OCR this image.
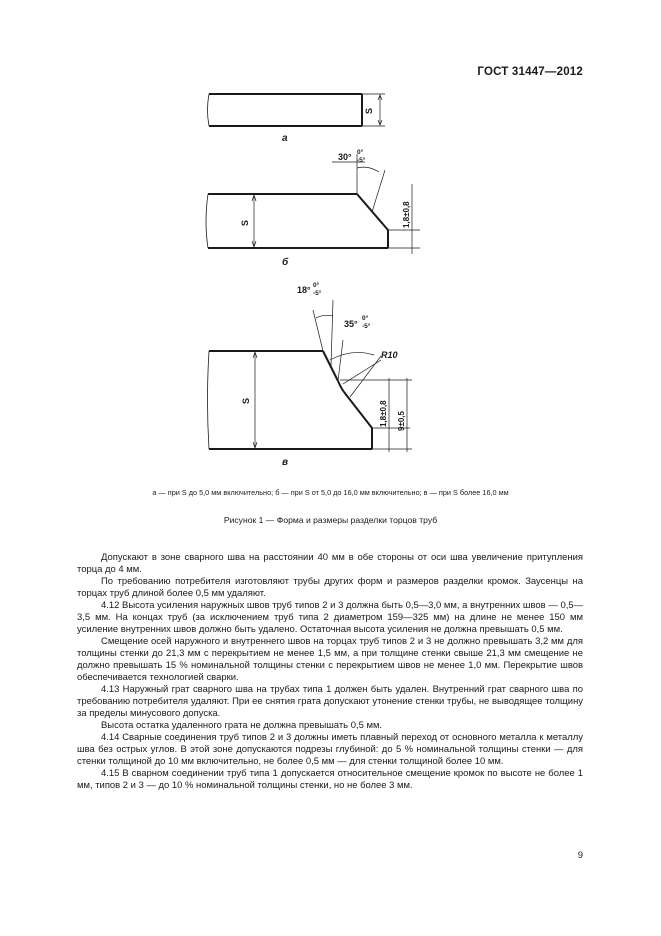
ГОСТ 31447—2012
S
а
S
30° 0°
-5°
1,8±0,8
б
S
18° 0°
-5°
35°
0°
-5°
R10
1,8±0,8 9±0,5
в
а — при S до 5,0 мм включительно; б — при S от 5,0 до 16,0 мм включительно; в — при S более 16,0 мм
Рисунок 1 — Форма и размеры разделки торцов труб

Допускают в зоне сварного шва на расстоянии 40 мм в обе стороны от оси шва увеличение притупления торца до 4 мм.

По требованию потребителя изготовляют трубы других форм и размеров разделки кромок. Заусенцы на торцах труб длиной более 0,5 мм удаляют.

4.12 Высота усиления наружных швов труб типов 2 и 3 должна быть 0,5—3,0 мм, а внутренних швов — 0,5—3,5 мм. На концах труб (за исключением труб типа 2 диаметром 159—325 мм) на длине не менее 150 мм усиление внутренних швов должно быть удалено. Остаточная высота усиления не должна превышать 0,5 мм.

Смещение осей наружного и внутреннего швов на торцах труб типов 2 и 3 не должно превышать 3,2 мм для толщины стенки до 21,3 мм с перекрытием не менее 1,5 мм, а при толщине стенки свыше 21,3 мм смещение не должно превышать 15 % номинальной толщины стенки с перекрытием швов не менее 1,0 мм. Перекрытие швов обеспечивается технологией сварки.

4.13 Наружный грат сварного шва на трубах типа 1 должен быть удален. Внутренний грат сварного шва по требованию потребителя удаляют. При ее снятия грата допускают утонение стенки трубы, не выводящее толщину за пределы минусового допуска.

Высота остатка удаленного грата не должна превышать 0,5 мм.

4.14 Сварные соединения труб типов 2 и 3 должны иметь плавный переход от основного металла к металлу шва без острых углов. В этой зоне допускаются подрезы глубиной: до 5 % номинальной толщины стенки — для стенки толщиной до 10 мм включительно, не более 0,5 мм — для стенки толщиной более 10 мм.

4.15 В сварном соединении труб типа 1 допускается относительное смещение кромок по высоте не более 1 мм, типов 2 и 3 — до 10 % номинальной толщины стенки, но не более 3 мм.

9
